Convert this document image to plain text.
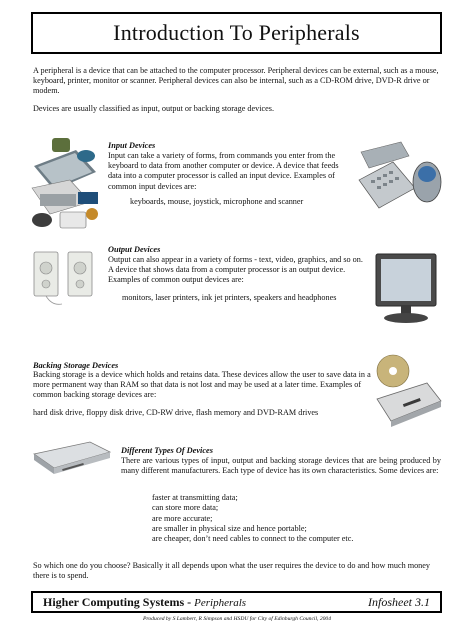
Introduction To Peripherals

A peripheral is a device that can be attached to the computer processor. Peripheral devices can be external, such as a mouse, keyboard, printer, monitor or scanner. Peripheral devices can also be internal, such as a CD-ROM drive, DVD-R drive or modem.

Devices are usually classified as input, output or backing storage devices.

Input Devices

Input can take a variety of forms, from commands you enter from the keyboard to data from another computer or device. A device that feeds data into a computer processor is called an input device. Examples of common input devices are:

keyboards, mouse, joystick, microphone and scanner

Output Devices

Output can also appear in a variety of forms - text, video, graphics, and so on. A device that shows data from a computer processor is an output device. Examples of common output devices are:

monitors, laser printers, ink jet printers, speakers and headphones

Backing Storage Devices

Backing storage is a device which holds and retains data. These devices allow the user to save data in a more permanent way than RAM so that data is not lost and may be used at a later time. Examples of common backing storage devices are:

hard disk drive, floppy disk drive, CD-RW drive, flash memory and DVD-RAM drives

Different Types Of Devices

There are various types of input, output and backing storage devices that are being produced by many different manufacturers. Each type of device has its own characteristics. Some devices are:

faster at transmitting data;
can store more data;
are more accurate;
are smaller in physical size and hence portable;
are cheaper, don’t need cables to connect to the computer etc.

So which one do you choose? Basically it all depends upon what the user requires the device to do and how much money there is to spend.

Higher Computing Systems - Peripherals	Infosheet 3.1
Produced by S Lambert, R Simpson and HSDU for City of Edinburgh Council, 2004
